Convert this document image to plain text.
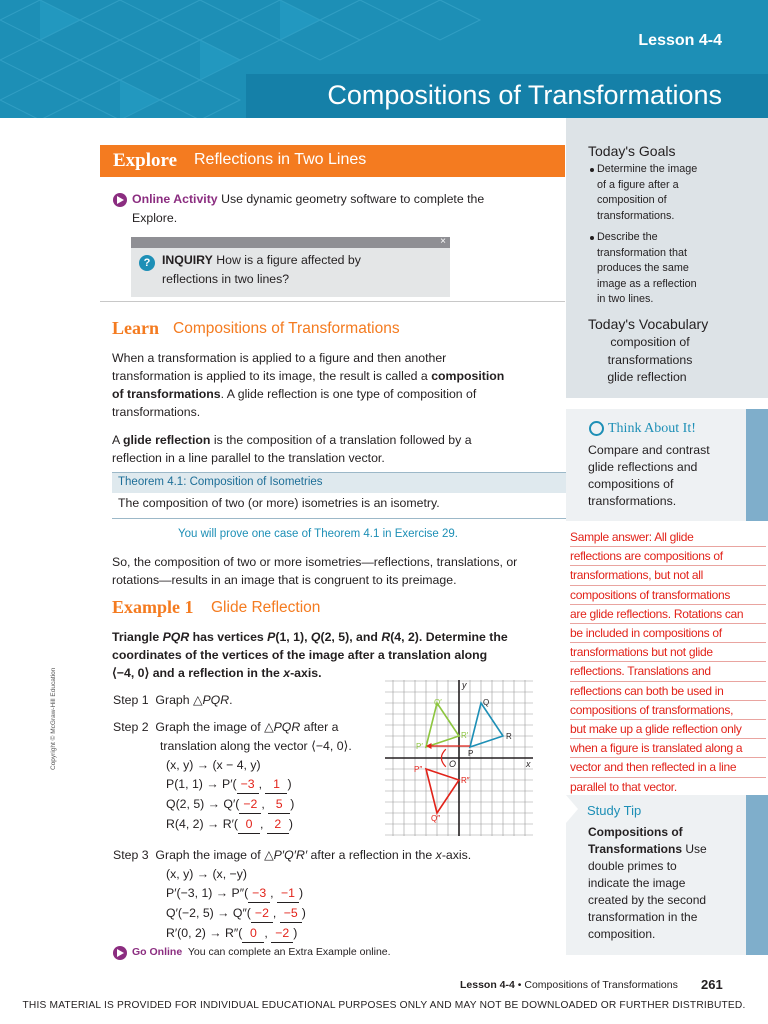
Lesson 4-4
Compositions of Transformations
Explore Reflections in Two Lines
Online Activity Use dynamic geometry software to complete the
Explore.
×
? INQUIRY How is a figure affected by
reflections in two lines?
Learn Compositions of Transformations
When a transformation is applied to a figure and then another
transformation is applied to its image, the result is called a composition
of transformations. A glide reflection is one type of composition of
transformations.
A glide reflection is the composition of a translation followed by a
reflection in a line parallel to the translation vector.
Theorem 4.1: Composition of Isometries
The composition of two (or more) isometries is an isometry.
You will prove one case of Theorem 4.1 in Exercise 29.
So, the composition of two or more isometries—reflections, translations, or
rotations—results in an image that is congruent to its preimage.
Example 1 Glide Reflection
Triangle PQR has vertices P(1, 1), Q(2, 5), and R(4, 2). Determine the
coordinates of the vertices of the image after a translation along
⟨−4, 0⟩ and a reflection in the x-axis.
Step 1 Graph △PQR.
Step 2 Graph the image of △PQR after a
translation along the vector ⟨−4, 0⟩.
(x, y) → (x − 4, y)
P(1, 1) → P′( −3 , 1 )
Q(2, 5) → Q′( −2 , 5 )
R(4, 2) → R′( 0 , 2 )
Step 3 Graph the image of △P′Q′R′ after a reflection in the x-axis.
(x, y) → (x, −y)
P′(−3, 1) → P″( −3 , −1 )
Q′(−2, 5) → Q″( −2 , −5 )
R′(0, 2) → R″( 0 , −2 )
Q
R
P
Q′
R′
P′
P″
R″
Q″
O	x
y
Go Online You can complete an Extra Example online.
Copyright © McGraw-Hill Education
Today's Goals
Determine the image
of a figure after a
composition of
transformations.
Describe the
transformation that
produces the same
image as a reflection
in two lines.
Today's Vocabulary
composition of
transformations
glide reflection
Think About It!
Compare and contrast
glide reflections and
compositions of
transformations.
Sample answer: All glide
reflections are compositions of
transformations, but not all
compositions of transformations
are glide reflections. Rotations can
be included in compositions of
transformations but not glide
reflections. Translations and
reflections can both be used in
compositions of transformations,
but make up a glide reflection only
when a figure is translated along a
vector and then reflected in a line
parallel to that vector.
Study Tip
Compositions of
Transformations Use
double primes to
indicate the image
created by the second
transformation in the
composition.
Lesson 4-4 • Compositions of Transformations 261
THIS MATERIAL IS PROVIDED FOR INDIVIDUAL EDUCATIONAL PURPOSES ONLY AND MAY NOT BE DOWNLOADED OR FURTHER DISTRIBUTED.
